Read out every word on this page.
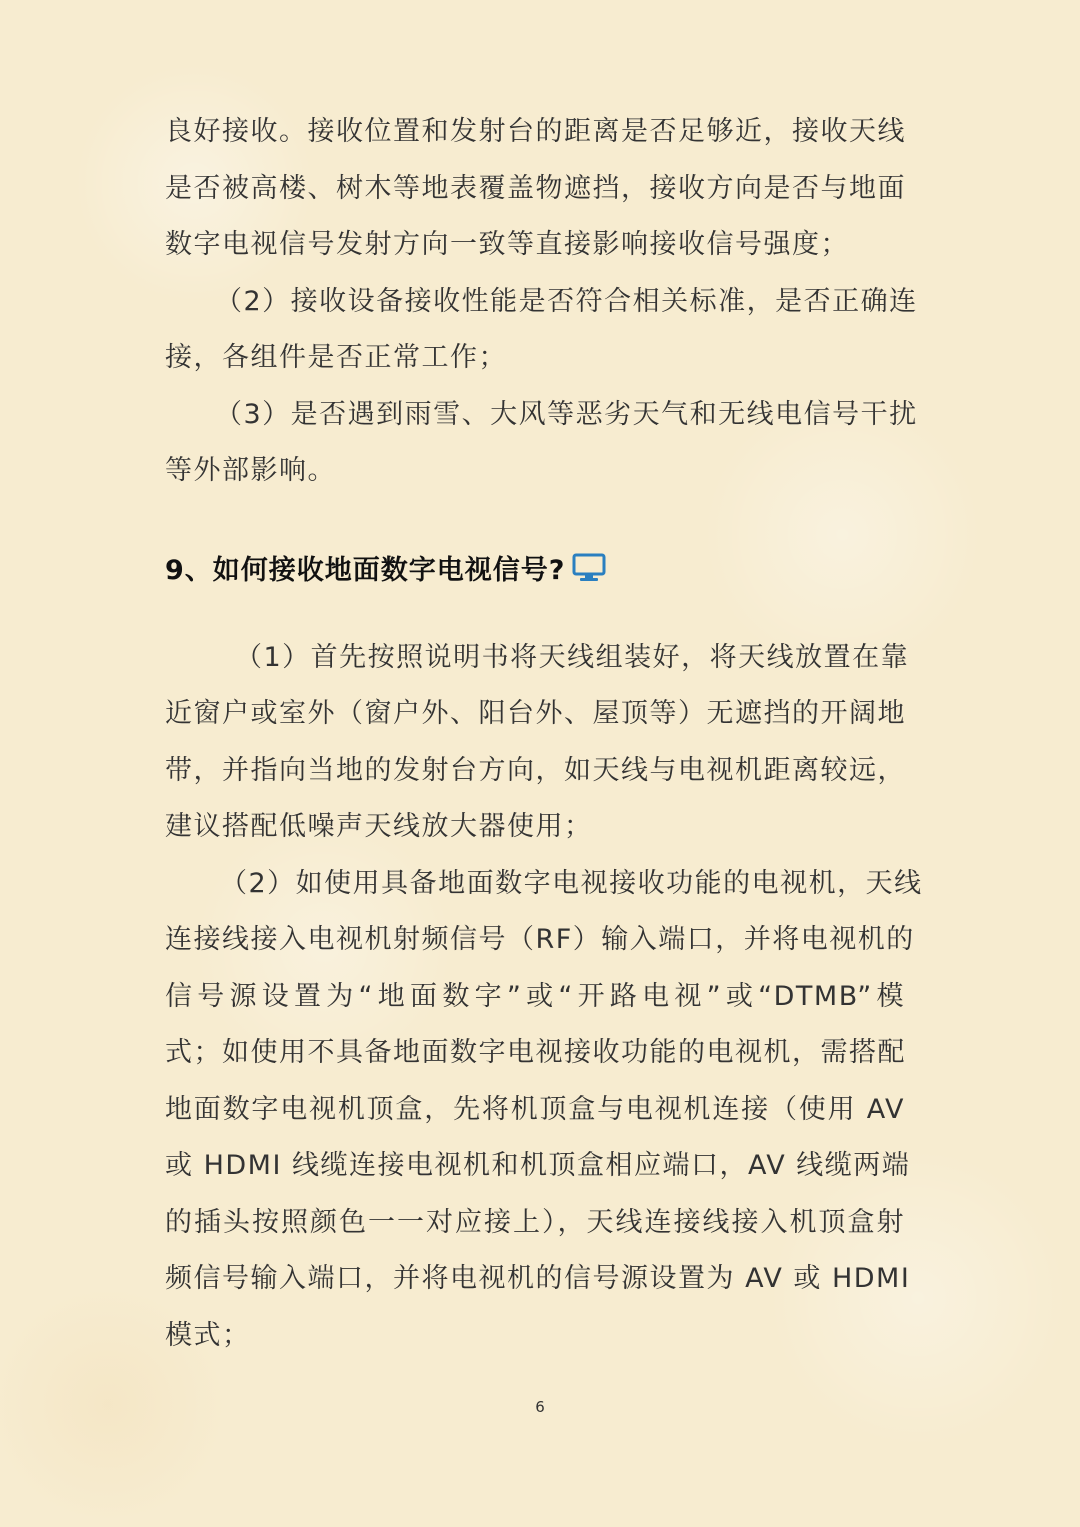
良好接收。接收位置和发射台的距离是否足够近，接收天线
是否被高楼、树木等地表覆盖物遮挡，接收方向是否与地面
数字电视信号发射方向一致等直接影响接收信号强度；
（2）接收设备接收性能是否符合相关标准，是否正确连
接，各组件是否正常工作；
（3）是否遇到雨雪、大风等恶劣天气和无线电信号干扰
等外部影响。
9、如何接收地面数字电视信号?
（1）首先按照说明书将天线组装好，将天线放置在靠
近窗户或室外（窗户外、阳台外、屋顶等）无遮挡的开阔地
带，并指向当地的发射台方向，如天线与电视机距离较远，
建议搭配低噪声天线放大器使用；
（2）如使用具备地面数字电视接收功能的电视机，天线
连接线接入电视机射频信号（RF）输入端口，并将电视机的
信号源设置为“地面数字”或“开路电视”或“DTMB”模
式；如使用不具备地面数字电视接收功能的电视机，需搭配
地面数字电视机顶盒，先将机顶盒与电视机连接（使用 AV
或 HDMI 线缆连接电视机和机顶盒相应端口，AV 线缆两端
的插头按照颜色一一对应接上），天线连接线接入机顶盒射
频信号输入端口，并将电视机的信号源设置为 AV 或 HDMI
模式；
6
